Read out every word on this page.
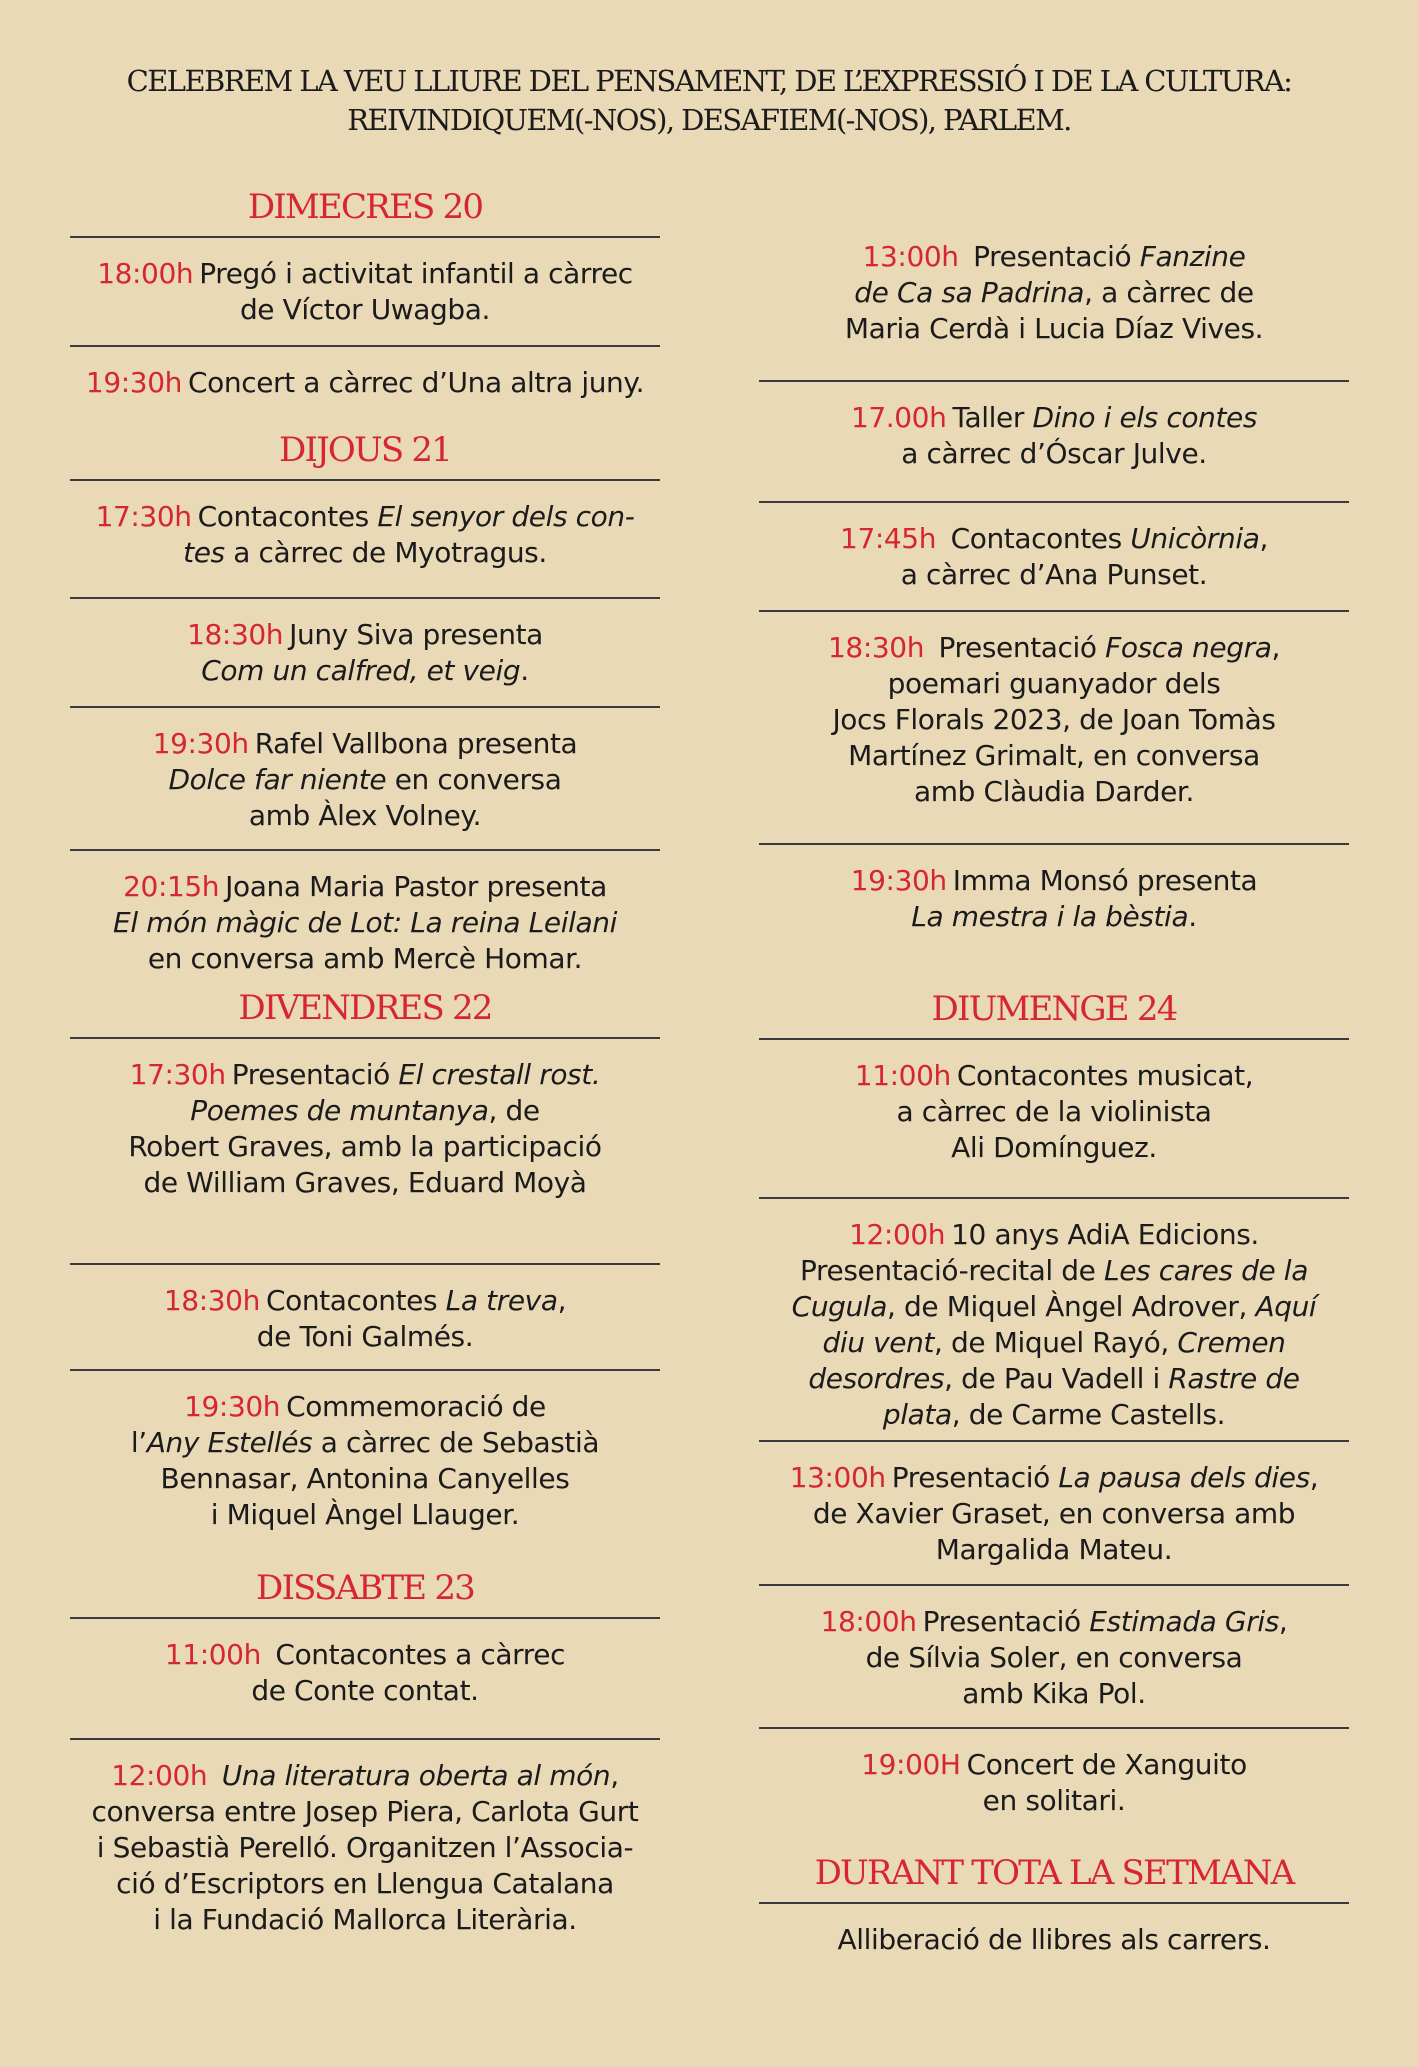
CELEBREM LA VEU LLIURE DEL PENSAMENT, DE L’EXPRESSIÓ I DE LA CULTURA:
REIVINDIQUEM(-NOS), DESAFIEM(-NOS), PARLEM.
DIMECRES 20
18:00h Pregó i activitat infantil a càrrec
de Víctor Uwagba.
19:30h Concert a càrrec d’Una altra juny.
DIJOUS 21
17:30h Contacontes El senyor dels con-
tes a càrrec de Myotragus.
18:30h Juny Siva presenta
Com un calfred, et veig.
19:30h Rafel Vallbona presenta
Dolce far niente en conversa
amb Àlex Volney.
20:15h Joana Maria Pastor presenta
El món màgic de Lot: La reina Leilani
en conversa amb Mercè Homar.
DIVENDRES 22
17:30h Presentació El crestall rost.
Poemes de muntanya, de
Robert Graves, amb la participació
de William Graves, Eduard Moyà
18:30h Contacontes La treva,
de Toni Galmés.
19:30h Commemoració de
l’Any Estellés a càrrec de Sebastià
Bennasar, Antonina Canyelles
i Miquel Àngel Llauger.
DISSABTE 23
11:00h Contacontes a càrrec
de Conte contat.
12:00h Una literatura oberta al món,
conversa entre Josep Piera, Carlota Gurt
i Sebastià Perelló. Organitzen l’Associa-
ció d’Escriptors en Llengua Catalana
i la Fundació Mallorca Literària.
13:00h Presentació Fanzine
de Ca sa Padrina, a càrrec de
Maria Cerdà i Lucia Díaz Vives.
17.00h Taller Dino i els contes
a càrrec d’Óscar Julve.
17:45h Contacontes Unicòrnia,
a càrrec d’Ana Punset.
18:30h Presentació Fosca negra,
poemari guanyador dels
Jocs Florals 2023, de Joan Tomàs
Martínez Grimalt, en conversa
amb Clàudia Darder.
19:30h Imma Monsó presenta
La mestra i la bèstia.
DIUMENGE 24
11:00h Contacontes musicat,
a càrrec de la violinista
Ali Domínguez.
12:00h 10 anys AdiA Edicions.
Presentació-recital de Les cares de la
Cugula, de Miquel Àngel Adrover, Aquí
diu vent, de Miquel Rayó, Cremen
desordres, de Pau Vadell i Rastre de
plata, de Carme Castells.
13:00h Presentació La pausa dels dies,
de Xavier Graset, en conversa amb
Margalida Mateu.
18:00h Presentació Estimada Gris,
de Sílvia Soler, en conversa
amb Kika Pol.
19:00H Concert de Xanguito
en solitari.
DURANT TOTA LA SETMANA
Alliberació de llibres als carrers.
